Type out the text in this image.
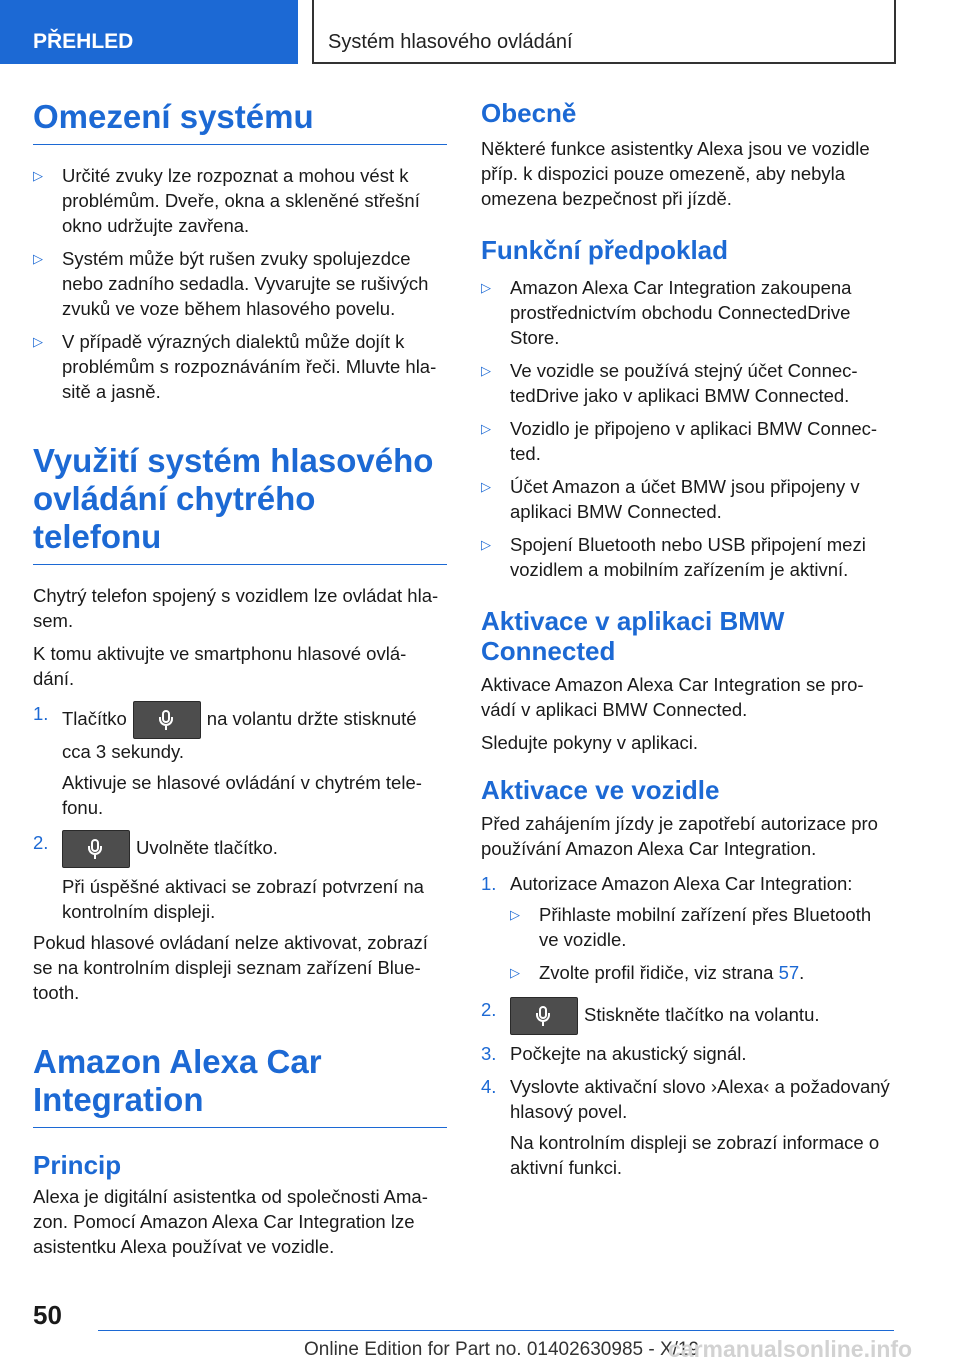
PŘEHLED	Systém hlasového ovládání
Omezení systému
▷ Určité zvuky lze rozpoznat a mohou vést k problémům. Dveře, okna a skleněné střešní okno udržujte zavřena.
▷ Systém může být rušen zvuky spolujezdce nebo zadního sedadla. Vyvarujte se rušivých zvuků ve voze během hlasového povelu.
▷ V případě výrazných dialektů může dojít k problémům s rozpoznáváním řeči. Mluvte hla‐sitě a jasně.
Využití systém hlasového ovládání chytrého telefonu

Chytrý telefon spojený s vozidlem lze ovládat hla‐sem.

K tomu aktivujte ve smartphonu hlasové ovlá‐dání.

1. Tlačítko	na volantu držte stisknuté cca 3 sekundy.

Aktivuje se hlasové ovládání v chytrém tele‐fonu.

2.	Uvolněte tlačítko.

Při úspěšné aktivaci se zobrazí potvrzení na kontrolním displeji.

Pokud hlasové ovládaní nelze aktivovat, zobrazí se na kontrolním displeji seznam zařízení Blue‐tooth.

Amazon Alexa Car Integration
Princip

Alexa je digitální asistentka od společnosti Ama‐zon. Pomocí Amazon Alexa Car Integration lze asistentku Alexa používat ve vozidle.

Obecně

Některé funkce asistentky Alexa jsou ve vozidle příp. k dispozici pouze omezeně, aby nebyla omezena bezpečnost při jízdě.

Funkční předpoklad
▷ Amazon Alexa Car Integration zakoupena prostřednictvím obchodu ConnectedDrive Store.
▷ Ve vozidle se používá stejný účet Connec‐tedDrive jako v aplikaci BMW Connected.
▷ Vozidlo je připojeno v aplikaci BMW Connec‐ted.
▷ Účet Amazon a účet BMW jsou připojeny v aplikaci BMW Connected.
▷ Spojení Bluetooth nebo USB připojení mezi vozidlem a mobilním zařízením je aktivní.
Aktivace v aplikaci BMW Connected

Aktivace Amazon Alexa Car Integration se pro‐vádí v aplikaci BMW Connected.

Sledujte pokyny v aplikaci.

Aktivace ve vozidle

Před zahájením jízdy je zapotřebí autorizace pro používání Amazon Alexa Car Integration.

1. Autorizace Amazon Alexa Car Integration:
▷ Přihlaste mobilní zařízení přes Bluetooth ve vozidle.
▷ Zvolte profil řidiče, viz strana 57.
2.	Stiskněte tlačítko na volantu.
3. Počkejte na akustický signál.
4. Vyslovte aktivační slovo ›Alexa‹ a požadovaný hlasový povel.

Na kontrolním displeji se zobrazí informace o aktivní funkci.

50
Online Edition for Part no. 01402630985 - X/19
carmanualsonline.info
